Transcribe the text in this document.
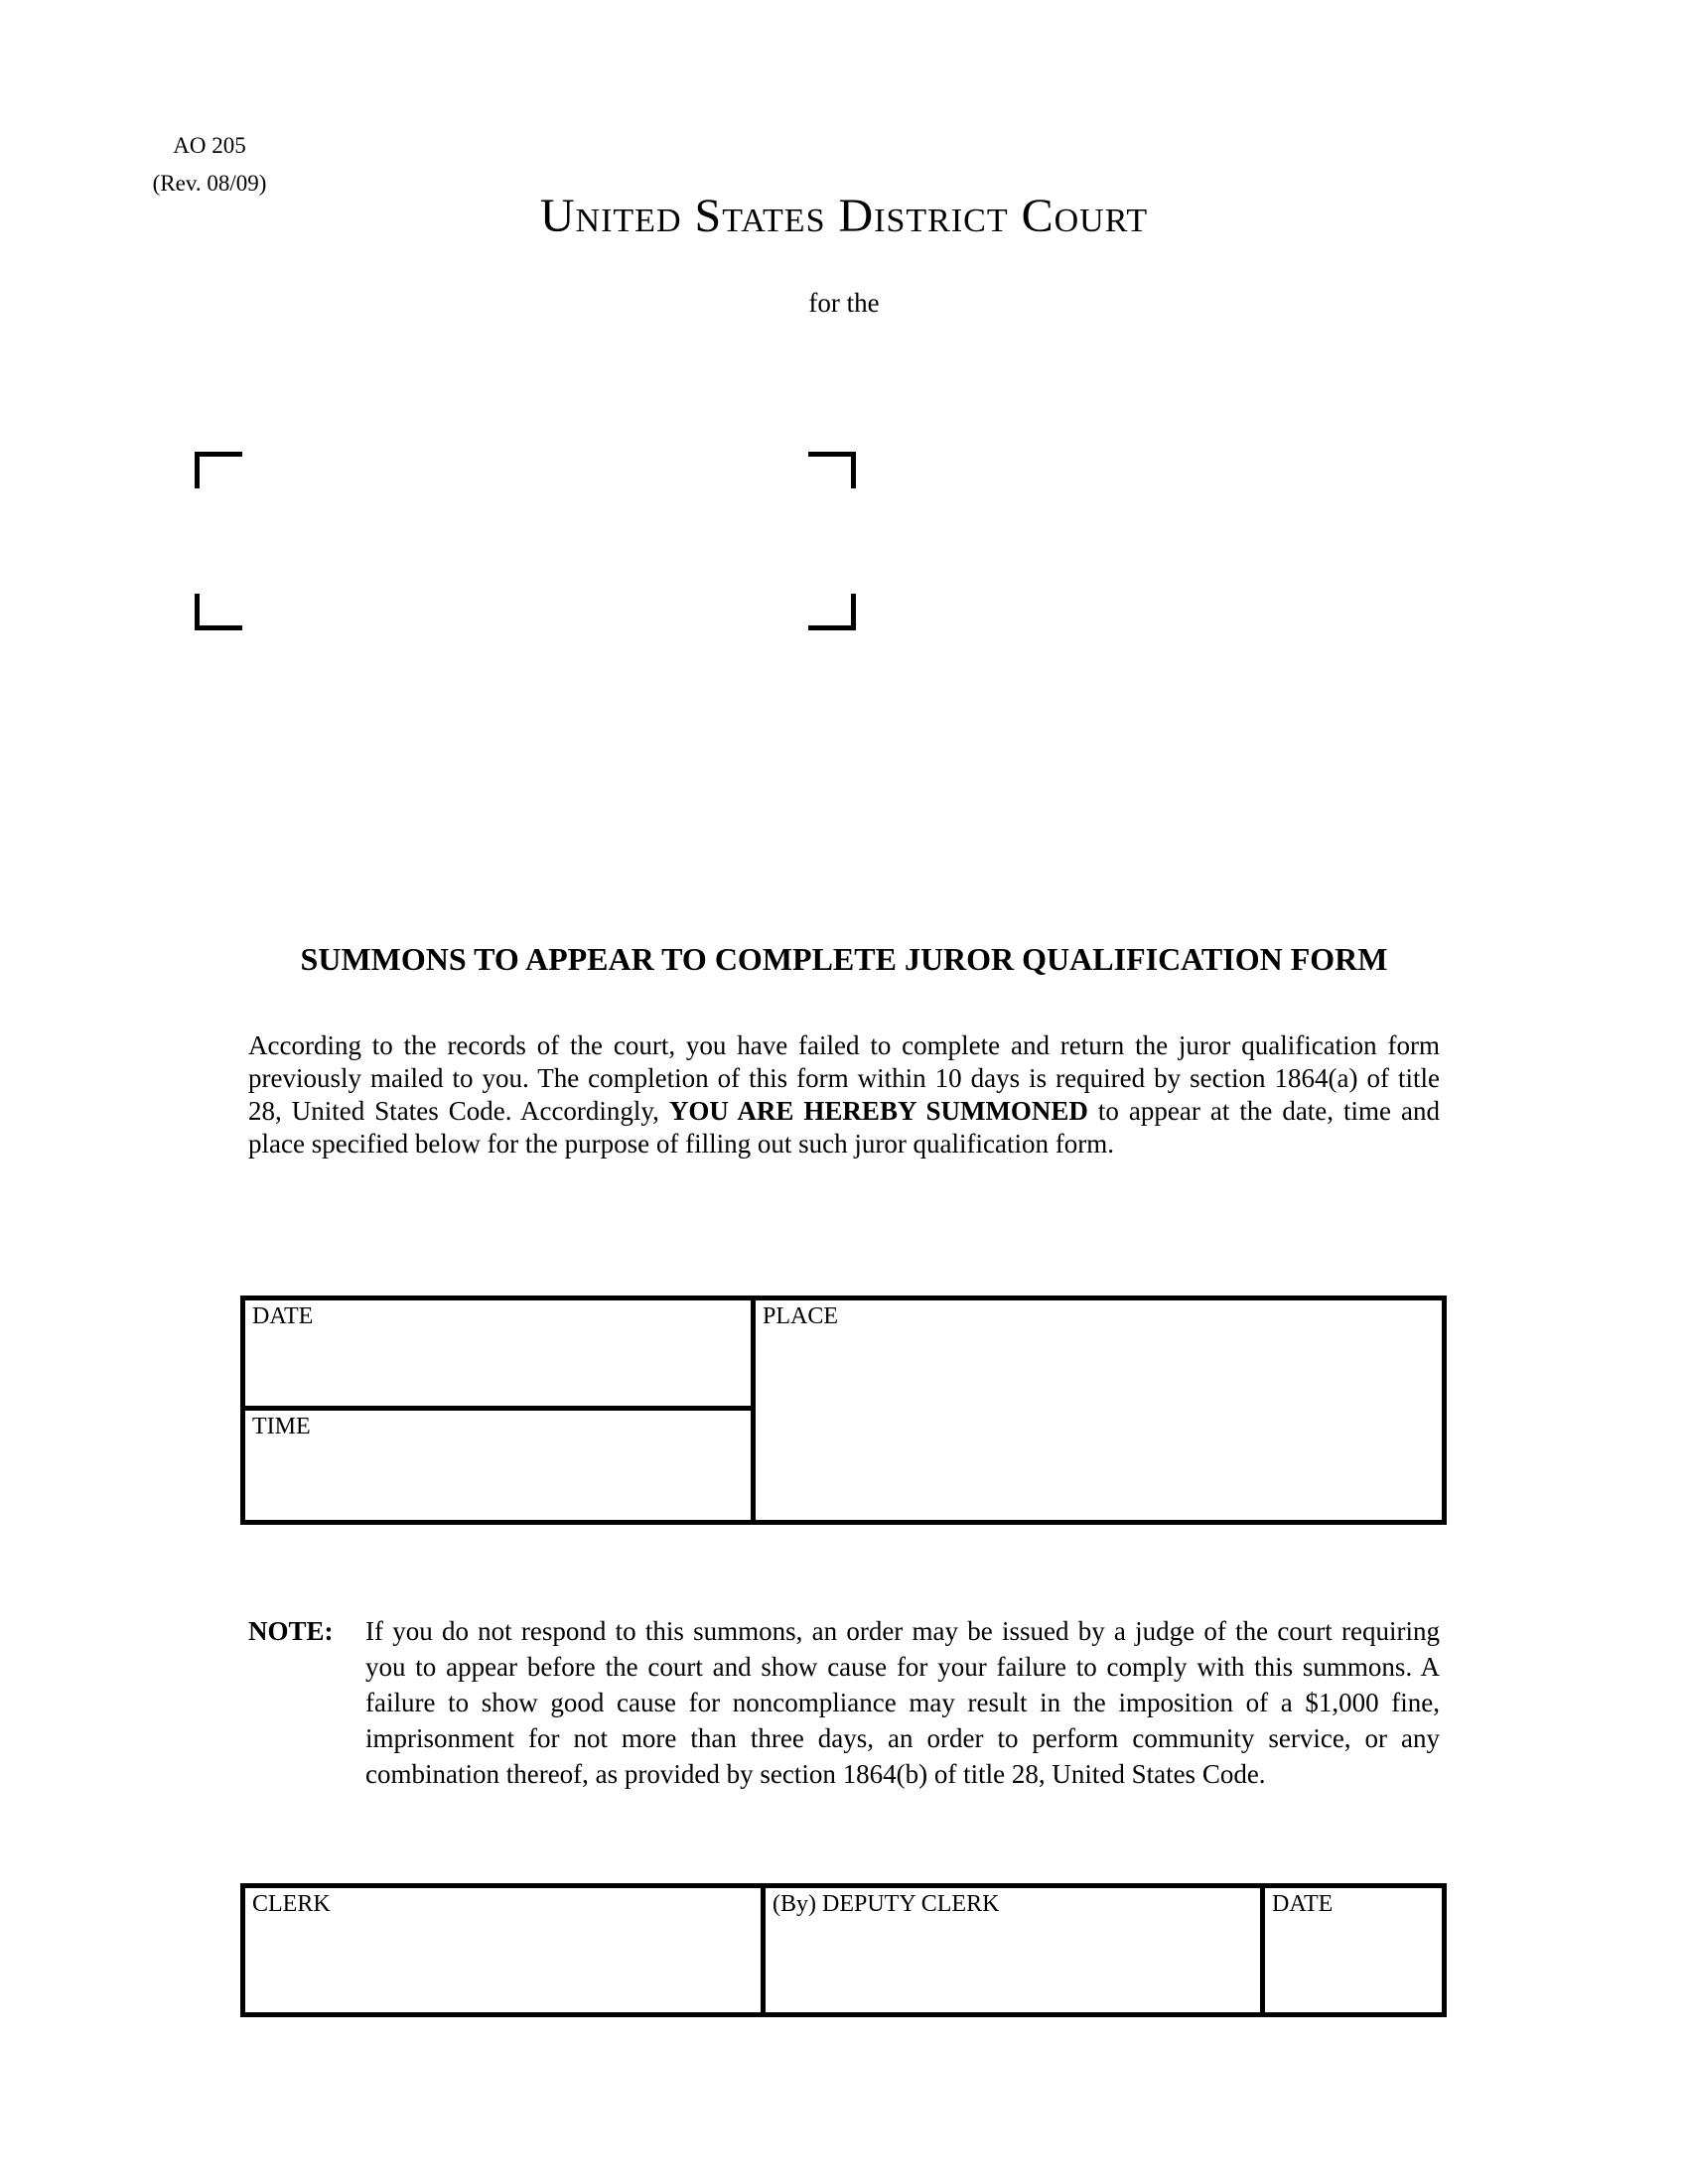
AO 205
(Rev. 08/09)
United States District Court
for the
SUMMONS TO APPEAR TO COMPLETE JUROR QUALIFICATION FORM

According to the records of the court, you have failed to complete and return the juror qualification form previously mailed to you. The completion of this form within 10 days is required by section 1864(a) of title 28, United States Code. Accordingly, YOU ARE HEREBY SUMMONED to appear at the date, time and place specified below for the purpose of filling out such juror qualification form.

DATE
TIME
PLACE
NOTE:	If you do not respond to this summons, an order may be issued by a judge of the court requiring you to appear before the court and show cause for your failure to comply with this summons. A failure to show good cause for noncompliance may result in the imposition of a $1,000 fine, imprisonment for not more than three days, an order to perform community service, or any combination thereof, as provided by section 1864(b) of title 28, United States Code.
CLERK	(By) DEPUTY CLERK	DATE
